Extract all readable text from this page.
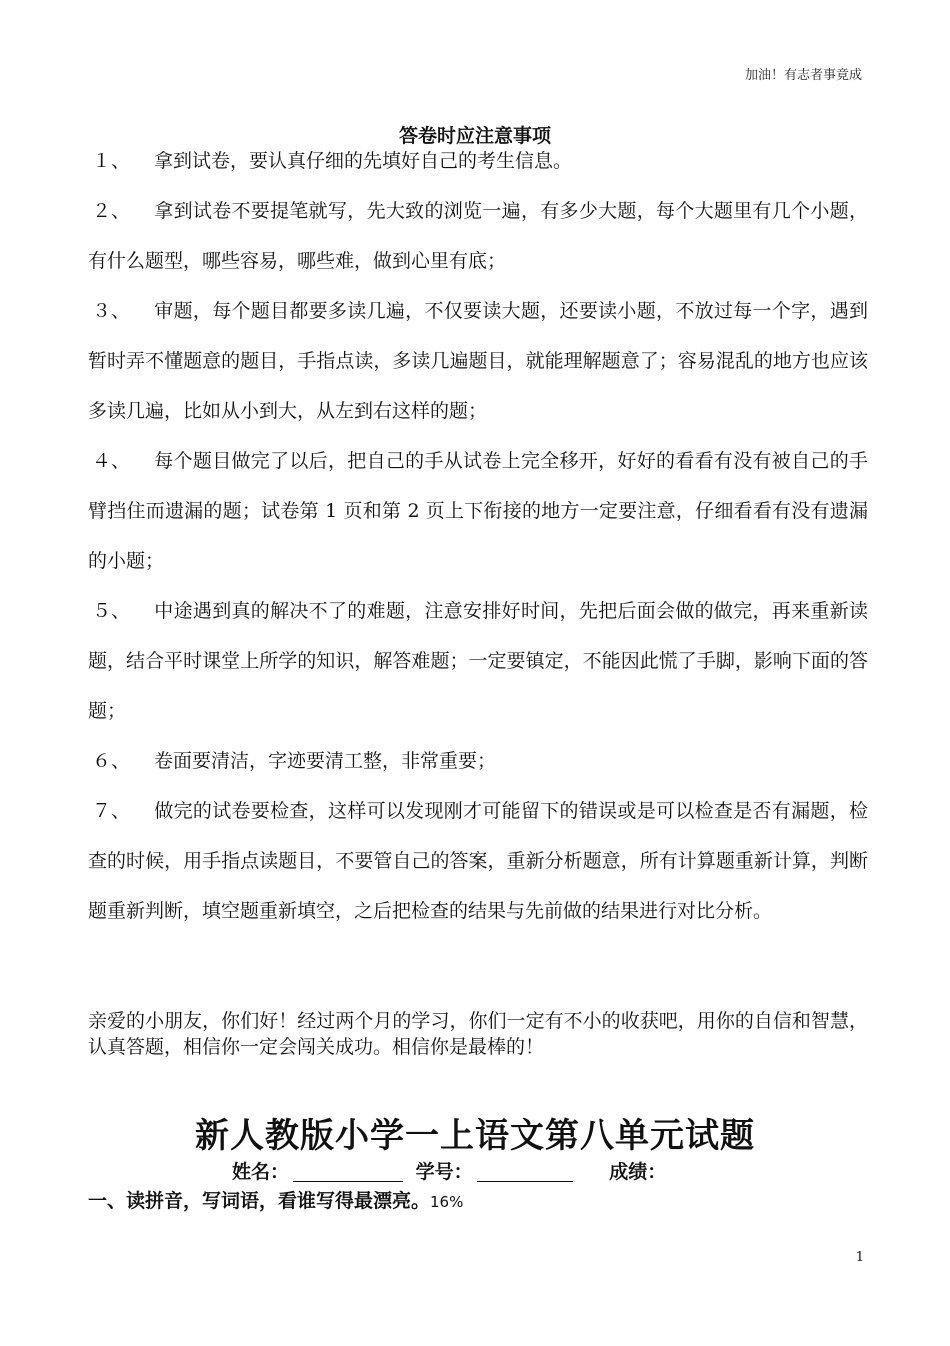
加油！有志者事竟成
答卷时应注意事项

１、 拿到试卷，要认真仔细的先填好自己的考生信息。

２、 拿到试卷不要提笔就写，先大致的浏览一遍，有多少大题，每个大题里有几个小题，有什么题型，哪些容易，哪些难，做到心里有底；

３、 审题，每个题目都要多读几遍，不仅要读大题，还要读小题，不放过每一个字，遇到暂时弄不懂题意的题目，手指点读，多读几遍题目，就能理解题意了；容易混乱的地方也应该多读几遍，比如从小到大，从左到右这样的题；

４、 每个题目做完了以后，把自己的手从试卷上完全移开，好好的看看有没有被自己的手臂挡住而遗漏的题；试卷第 1 页和第 2 页上下衔接的地方一定要注意，仔细看看有没有遗漏的小题；

５、 中途遇到真的解决不了的难题，注意安排好时间，先把后面会做的做完，再来重新读题，结合平时课堂上所学的知识，解答难题；一定要镇定，不能因此慌了手脚，影响下面的答题；

６、 卷面要清洁，字迹要清工整，非常重要；

７、 做完的试卷要检查，这样可以发现刚才可能留下的错误或是可以检查是否有漏题，检查的时候，用手指点读题目，不要管自己的答案，重新分析题意，所有计算题重新计算，判断题重新判断，填空题重新填空，之后把检查的结果与先前做的结果进行对比分析。

亲爱的小朋友，你们好！经过两个月的学习，你们一定有不小的收获吧，用你的自信和智慧，认真答题，相信你一定会闯关成功。相信你是最棒的！
新人教版小学一上语文第八单元试题
姓名：	学号：	成绩：
一、读拼音，写词语，看谁写得最漂亮。16%
1
